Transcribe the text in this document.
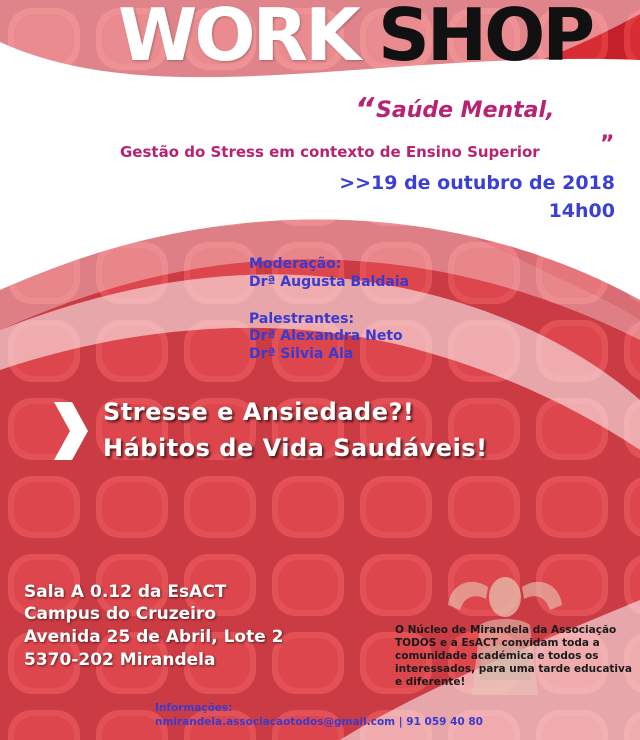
WORK SHOP
“ Saúde Mental,
Gestão do Stress em contexto de Ensino Superior	”
>>19 de outubro de 2018
14h00
Moderação:
Drª Augusta Baldaia
Palestrantes:
Drª Alexandra Neto
Drª Silvia Ala
Stresse e Ansiedade?!
Hábitos de Vida Saudáveis!
Sala A 0.12 da EsACT
Campus do Cruzeiro
Avenida 25 de Abril, Lote 2
5370-202 Mirandela
O Núcleo de Mirandela da Associação TODOS e a EsACT convidam toda a comunidade académica e todos os interessados, para uma tarde educativa e diferente!
Informações:
nmirandela.associacaotodos@gmail.com | 91 059 40 80
